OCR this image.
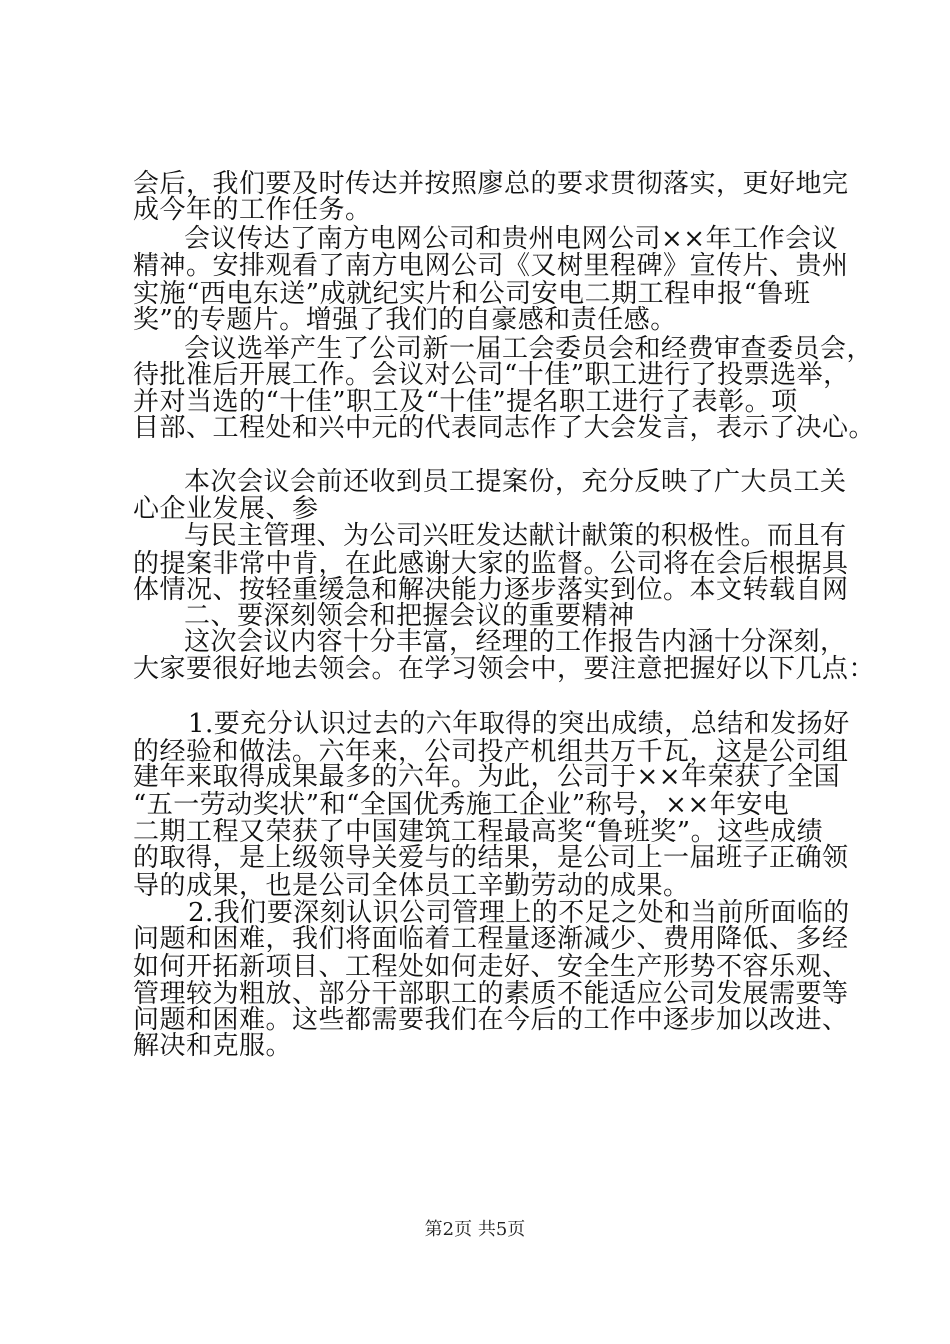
会后，我们要及时传达并按照廖总的要求贯彻落实，更好地完
成今年的工作任务。
会议传达了南方电网公司和贵州电网公司××年工作会议
精神。安排观看了南方电网公司《又树里程碑》宣传片、贵州
实施“西电东送”成就纪实片和公司安电二期工程申报“鲁班
奖”的专题片。增强了我们的自豪感和责任感。
会议选举产生了公司新一届工会委员会和经费审查委员会，
待批准后开展工作。会议对公司“十佳”职工进行了投票选举，
并对当选的“十佳”职工及“十佳”提名职工进行了表彰。项
目部、工程处和兴中元的代表同志作了大会发言，表示了决心。
本次会议会前还收到员工提案份，充分反映了广大员工关
心企业发展、参
与民主管理、为公司兴旺发达献计献策的积极性。而且有
的提案非常中肯，在此感谢大家的监督。公司将在会后根据具
体情况、按轻重缓急和解决能力逐步落实到位。本文转载自网
二、要深刻领会和把握会议的重要精神
这次会议内容十分丰富，经理的工作报告内涵十分深刻，
大家要很好地去领会。在学习领会中，要注意把握好以下几点：
1.要充分认识过去的六年取得的突出成绩，总结和发扬好
的经验和做法。六年来，公司投产机组共万千瓦，这是公司组
建年来取得成果最多的六年。为此，公司于××年荣获了全国
“五一劳动奖状”和“全国优秀施工企业”称号，××年安电
二期工程又荣获了中国建筑工程最高奖“鲁班奖”。这些成绩
的取得，是上级领导关爱与的结果，是公司上一届班子正确领
导的成果，也是公司全体员工辛勤劳动的成果。
2.我们要深刻认识公司管理上的不足之处和当前所面临的
问题和困难，我们将面临着工程量逐渐减少、费用降低、多经
如何开拓新项目、工程处如何走好、安全生产形势不容乐观、
管理较为粗放、部分干部职工的素质不能适应公司发展需要等
问题和困难。这些都需要我们在今后的工作中逐步加以改进、
解决和克服。
第2页 共5页
